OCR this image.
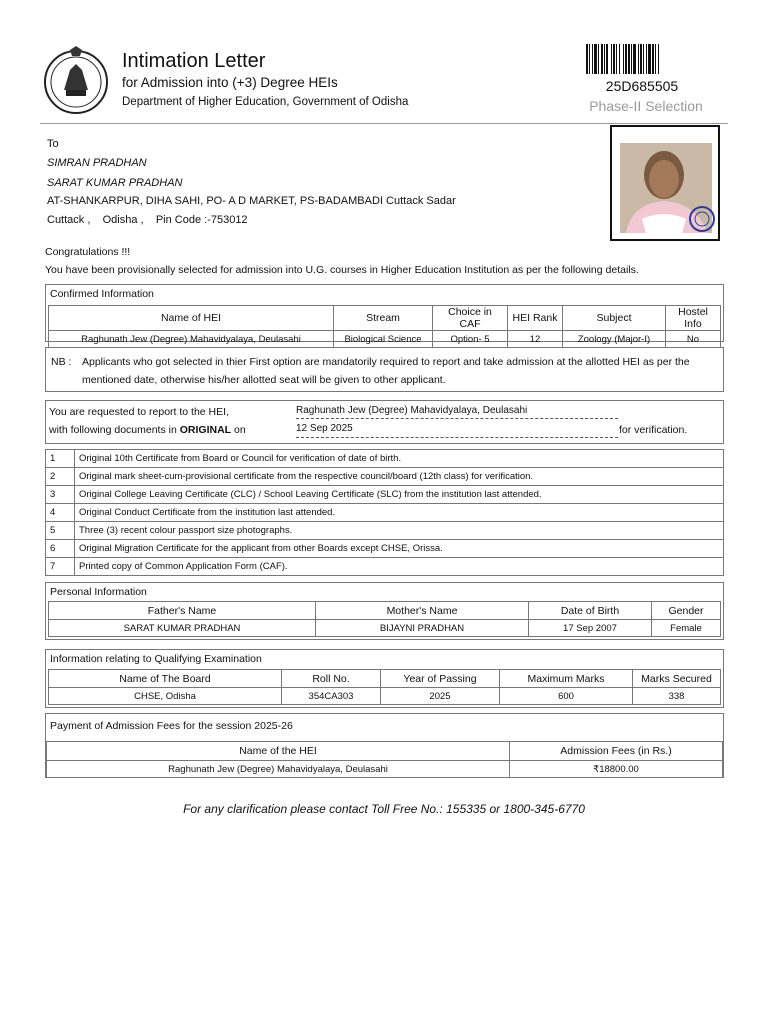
Intimation Letter
for Admission into (+3) Degree HEIs
Department of Higher Education, Government of Odisha
25D685505
Phase-II Selection
To
SIMRAN PRADHAN
SARAT KUMAR PRADHAN
AT-SHANKARPUR, DIHA SAHI, PO- A D MARKET, PS-BADAMBADI Cuttack Sadar
Cuttack ,    Odisha ,    Pin Code :-753012
Congratulations !!!
You have been provisionally selected for admission into U.G. courses in Higher Education Institution as per the following details.
Confirmed Information
Name of HEI	Stream	Choice in CAF	HEI Rank	Subject	Hostel Info
Raghunath Jew (Degree) Mahavidyalaya, Deulasahi	Biological Science	Option- 5	12	Zoology (Major-I)	No
NB : Applicants who got selected in thier First option are mandatorily required to report and take admission at the allotted HEI as per the
mentioned date, otherwise his/her allotted seat will be given to other applicant.
You are requested to report to the HEI,
with following documents in ORIGINAL on
Raghunath Jew (Degree) Mahavidyalaya, Deulasahi
12 Sep 2025	for verification.
1	Original 10th Certificate from Board or Council for verification of date of birth.
2	Original mark sheet-cum-provisional certificate from the respective council/board (12th class) for verification.
3	Original College Leaving Certificate (CLC) / School Leaving Certificate (SLC) from the institution last attended.
4	Original Conduct Certificate from the institution last attended.
5	Three (3) recent colour passport size photographs.
6	Original Migration Certificate for the applicant from other Boards except CHSE, Orissa.
7	Printed copy of Common Application Form (CAF).
Personal Information
Father's Name	Mother's Name	Date of Birth	Gender
SARAT KUMAR PRADHAN	BIJAYNI PRADHAN	17 Sep 2007	Female
Information relating to Qualifying Examination
Name of The Board	Roll No.	Year of Passing	Maximum Marks	Marks Secured
CHSE, Odisha	354CA303	2025	600	338
Payment of Admission Fees for the session 2025-26
Name of the HEI	Admission Fees (in Rs.)
Raghunath Jew (Degree) Mahavidyalaya, Deulasahi	₹18800.00
For any clarification please contact Toll Free No.: 155335 or 1800-345-6770
